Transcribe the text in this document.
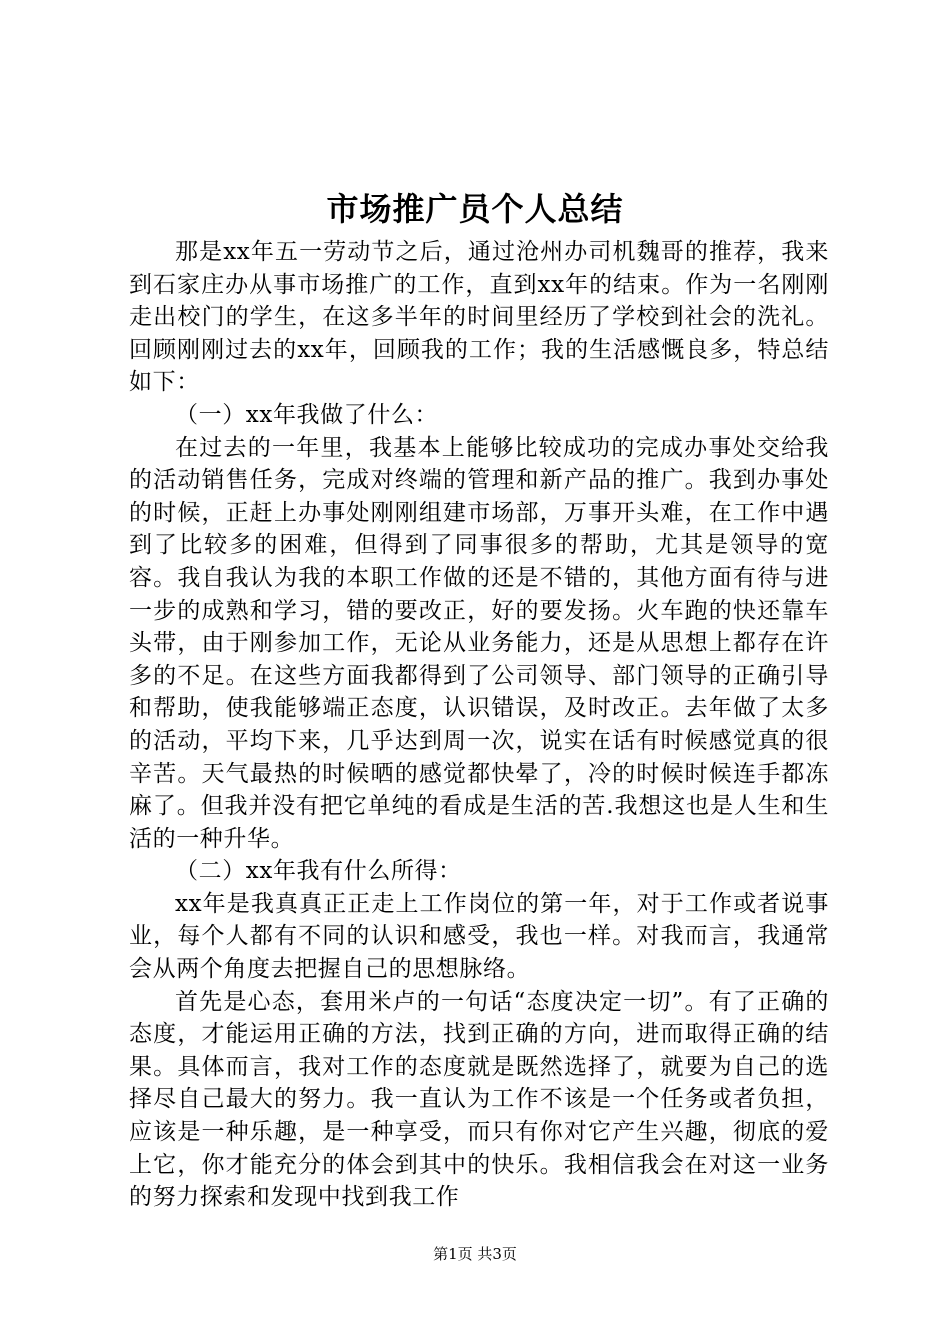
市场推广员个人总结

那是xx年五一劳动节之后，通过沧州办司机魏哥的推荐，我来到石家庄办从事市场推广的工作，直到xx年的结束。作为一名刚刚走出校门的学生，在这多半年的时间里经历了学校到社会的洗礼。回顾刚刚过去的xx年，回顾我的工作；我的生活感慨良多，特总结如下：

（一）xx年我做了什么：

在过去的一年里，我基本上能够比较成功的完成办事处交给我的活动销售任务，完成对终端的管理和新产品的推广。我到办事处的时候，正赶上办事处刚刚组建市场部，万事开头难，在工作中遇到了比较多的困难，但得到了同事很多的帮助，尤其是领导的宽容。我自我认为我的本职工作做的还是不错的，其他方面有待与进一步的成熟和学习，错的要改正，好的要发扬。火车跑的快还靠车头带，由于刚参加工作，无论从业务能力，还是从思想上都存在许多的不足。在这些方面我都得到了公司领导、部门领导的正确引导和帮助，使我能够端正态度，认识错误，及时改正。去年做了太多的活动，平均下来，几乎达到周一次，说实在话有时候感觉真的很辛苦。天气最热的时候晒的感觉都快晕了，冷的时候时候连手都冻麻了。但我并没有把它单纯的看成是生活的苦.我想这也是人生和生活的一种升华。

（二）xx年我有什么所得：

xx年是我真真正正走上工作岗位的第一年，对于工作或者说事业，每个人都有不同的认识和感受，我也一样。对我而言，我通常会从两个角度去把握自己的思想脉络。

首先是心态，套用米卢的一句话“态度决定一切”。有了正确的态度，才能运用正确的方法，找到正确的方向，进而取得正确的结果。具体而言，我对工作的态度就是既然选择了，就要为自己的选择尽自己最大的努力。我一直认为工作不该是一个任务或者负担，应该是一种乐趣，是一种享受，而只有你对它产生兴趣，彻底的爱上它，你才能充分的体会到其中的快乐。我相信我会在对这一业务的努力探索和发现中找到我工作

第1页 共3页
